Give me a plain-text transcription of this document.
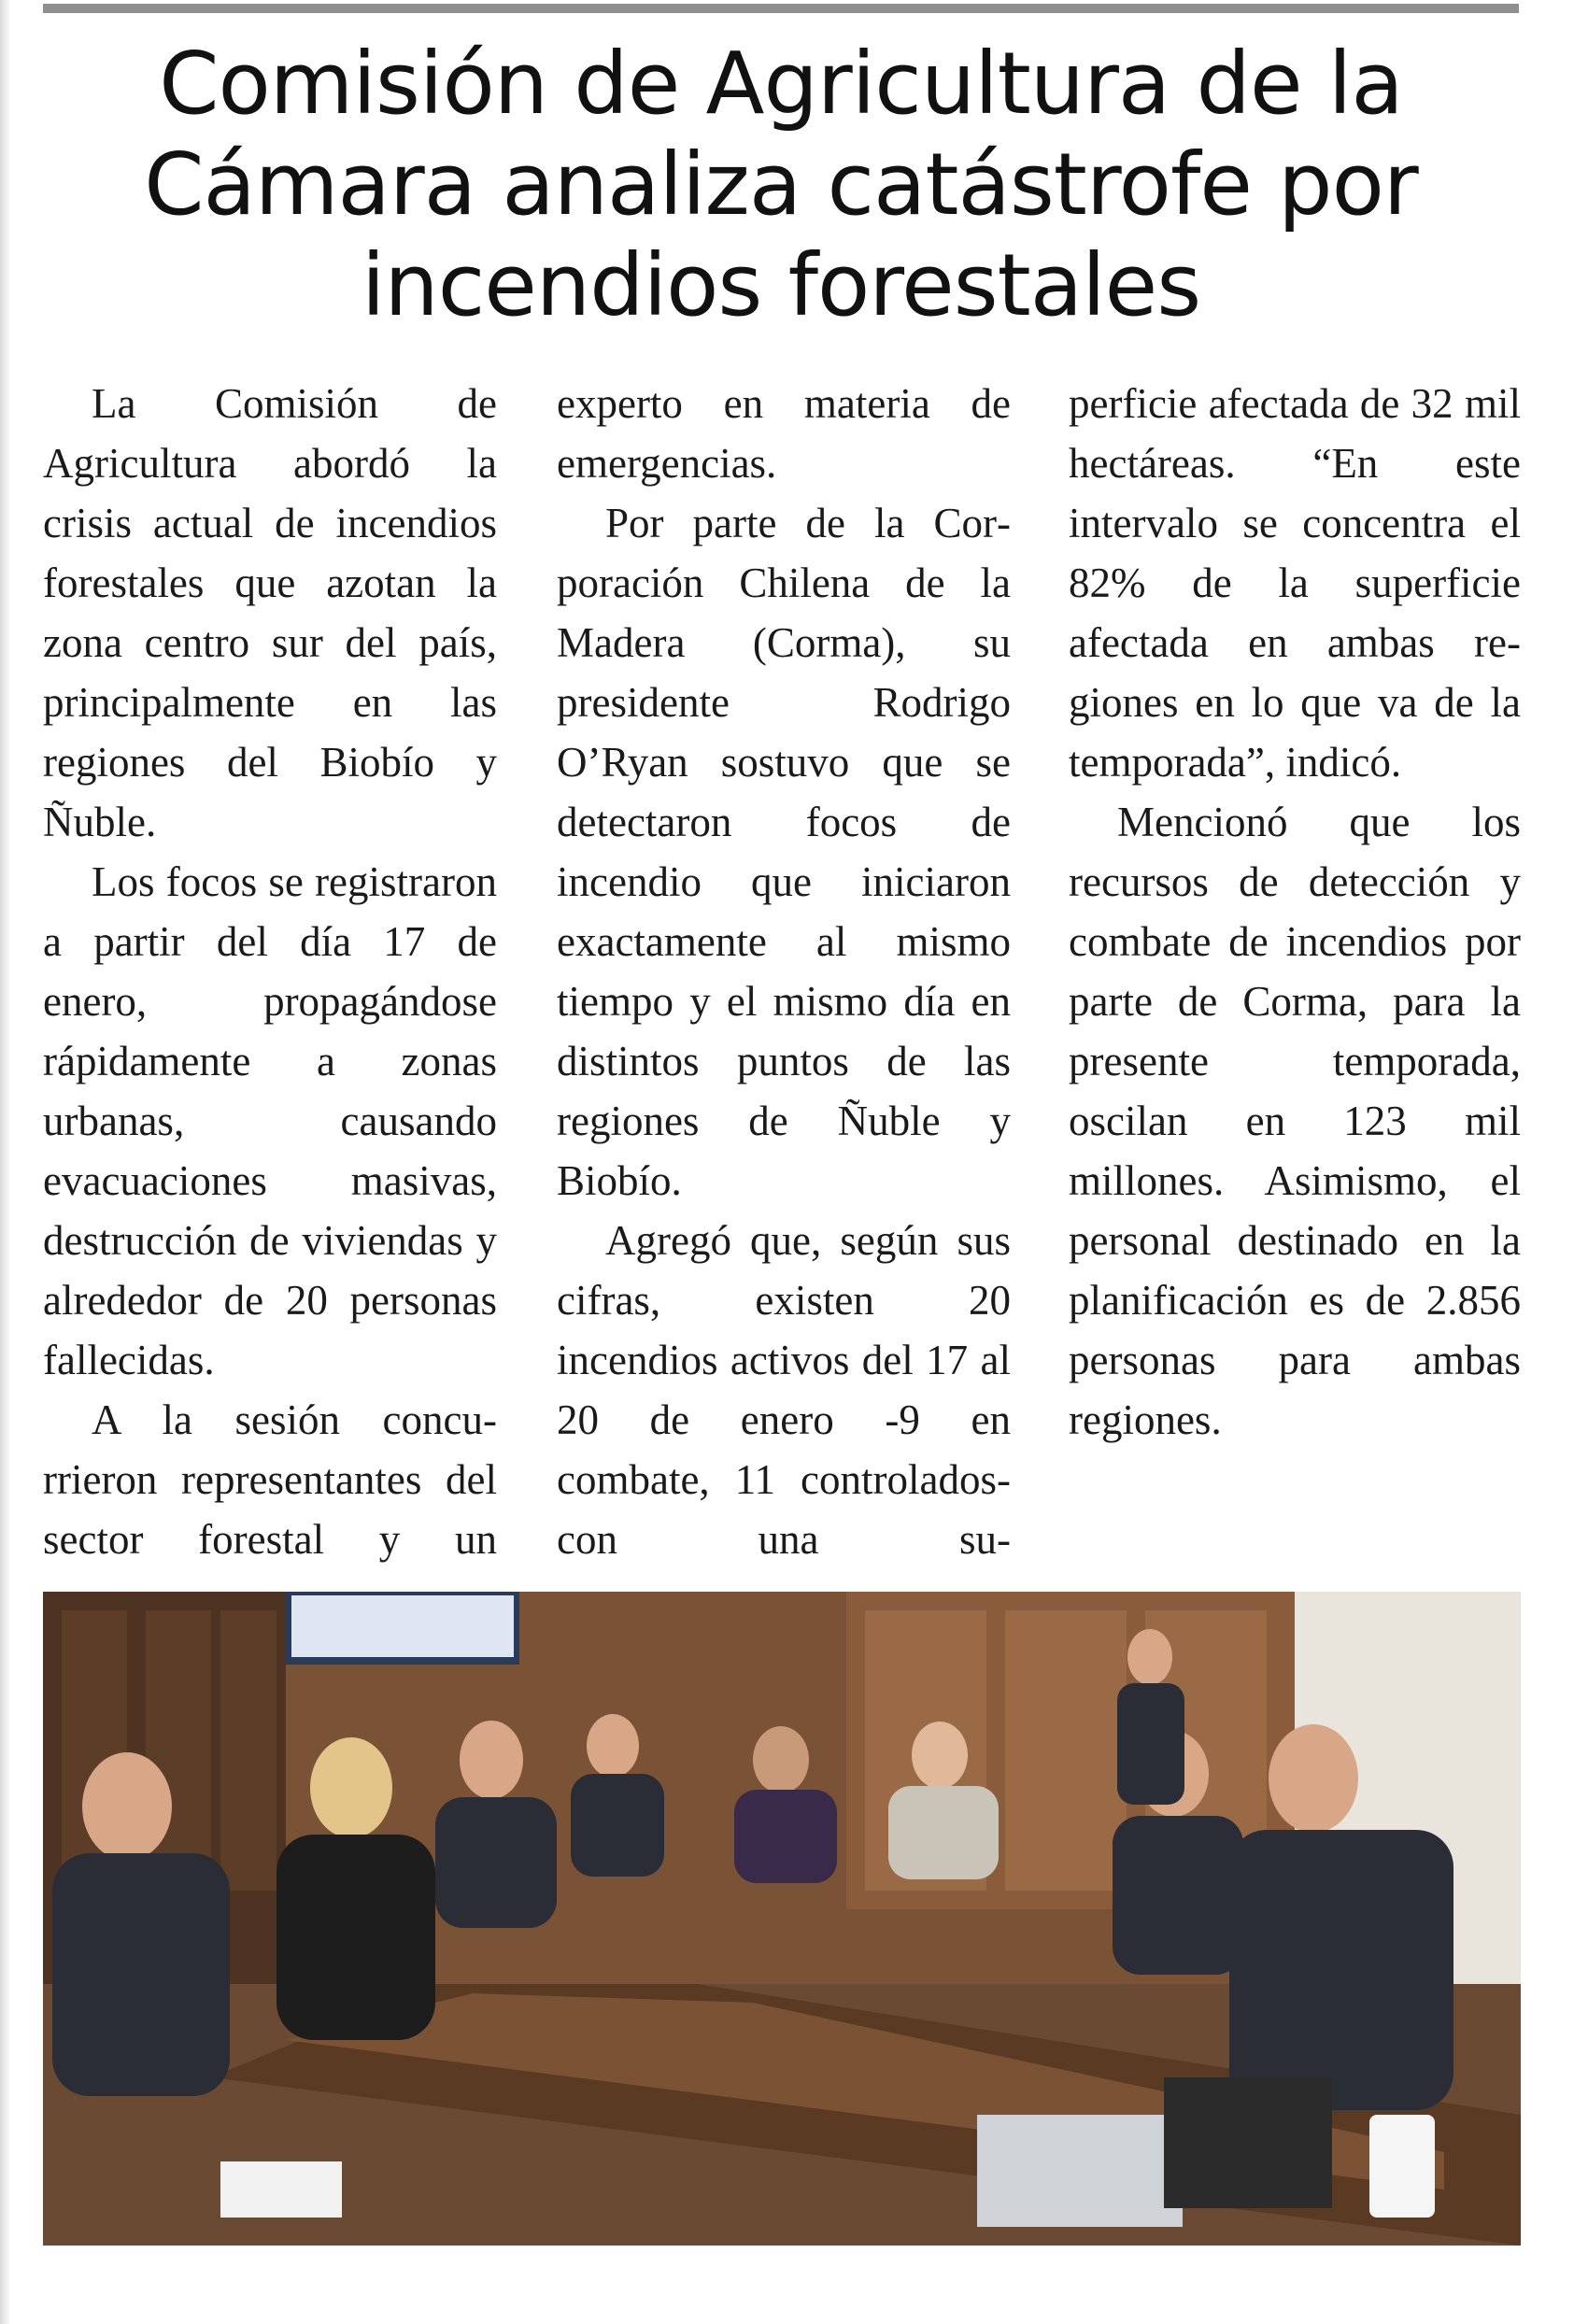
Comisión de Agricultura de la
Cámara analiza catástrofe por
incendios forestales

La Comisión de Agricultura abordó la crisis actual de incendios forestales que azotan la zona centro sur del país, principalmente en las regiones del Biobío y Ñuble.

Los focos se registraron a partir del día 17 de enero, propagándose rápidamente a zonas urbanas, causando evacuaciones masivas, destrucción de viviendas y alrededor de 20 personas fallecidas.

A la sesión concurrieron representantes del sector forestal y un

experto en materia de emergencias.

Por parte de la Corporación Chilena de la Madera (Corma), su presidente Rodrigo O’Ryan sostuvo que se detectaron focos de incendio que iniciaron exactamente al mismo tiempo y el mismo día en distintos puntos de las regiones de Ñuble y Biobío.

Agregó que, según sus cifras, existen 20 incendios activos del 17 al 20 de enero -9 en combate, 11 controlados- con una su-

perficie afectada de 32 mil hectáreas. “En este intervalo se concentra el 82% de la superficie afectada en ambas regiones en lo que va de la temporada”, indicó.

Mencionó que los recursos de detección y combate de incendios por parte de Corma, para la presente temporada, oscilan en 123 mil millones. Asimismo, el personal destinado en la planificación es de 2.856 personas para ambas regiones.
